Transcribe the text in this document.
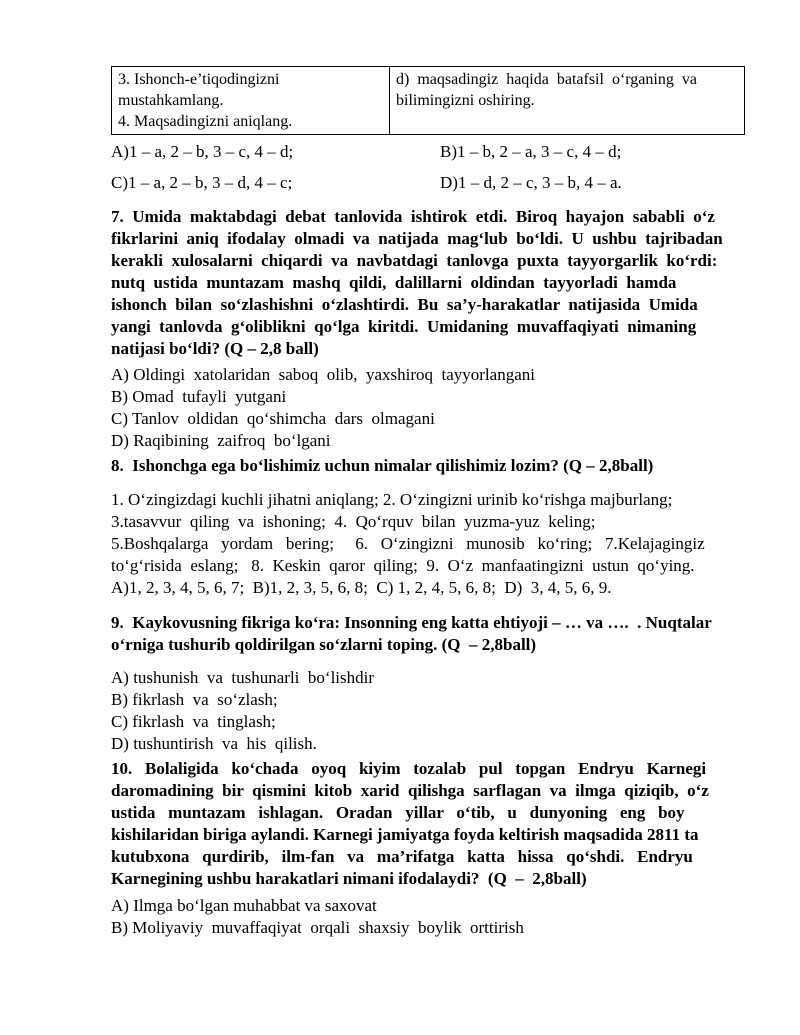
3. Ishonch-e’tiqodingizni
mustahkamlang.
4. Maqsadingizni aniqlang.

d)  maqsadingiz  haqida  batafsil  o‘rganing  va
bilimingizni oshiring.
A)1 – a, 2 – b, 3 – c, 4 – d;	B)1 – b, 2 – a, 3 – c, 4 – d;
C)1 – a, 2 – b, 3 – d, 4 – c;	D)1 – d, 2 – c, 3 – b, 4 – a.
7.  Umida  maktabdagi  debat  tanlovida  ishtirok  etdi.  Biroq  hayajon  sababli  o‘z
fikrlarini  aniq  ifodalay  olmadi  va  natijada  mag‘lub  bo‘ldi.  U  ushbu  tajribadan
kerakli  xulosalarni  chiqardi  va  navbatdagi  tanlovga  puxta  tayyorgarlik  ko‘rdi:
nutq  ustida  muntazam  mashq  qildi,  dalillarni  oldindan  tayyorladi  hamda
ishonch  bilan  so‘zlashishni  o‘zlashtirdi.  Bu  sa’y-harakatlar  natijasida  Umida
yangi  tanlovda  g‘oliblikni  qo‘lga  kiritdi.  Umidaning  muvaffaqiyati  nimaning
natijasi bo‘ldi? (Q – 2,8 ball)

A) Oldingi  xatolaridan  saboq  olib,  yaxshiroq  tayyorlangani

B) Omad  tufayli  yutgani

C) Tanlov  oldidan  qo‘shimcha  dars  olmagani

D) Raqibining  zaifroq  bo‘lgani

8.  Ishonchga ega bo‘lishimiz uchun nimalar qilishimiz lozim? (Q – 2,8ball)

1. O‘zingizdagi kuchli jihatni aniqlang; 2. O‘zingizni urinib ko‘rishga majburlang;

3.tasavvur  qiling  va  ishoning;  4.  Qo‘rquv  bilan  yuzma-yuz  keling;

5.Boshqalarga   yordam   bering;     6.   O‘zingizni   munosib   ko‘ring;   7.Kelajagingiz

to‘g‘risida  eslang;   8.  Keskin  qaror  qiling;  9.  O‘z  manfaatingizni  ustun  qo‘ying.

A)1, 2, 3, 4, 5, 6, 7;  B)1, 2, 3, 5, 6, 8;  C) 1, 2, 4, 5, 6, 8;  D)  3, 4, 5, 6, 9.

9.  Kaykovusning fikriga ko‘ra: Insonning eng katta ehtiyoji – … va ….  . Nuqtalar
o‘rniga tushurib qoldirilgan so‘zlarni toping. (Q  – 2,8ball)

A) tushunish  va  tushunarli  bo‘lishdir

B) fikrlash  va  so‘zlash;

C) fikrlash  va  tinglash;

D) tushuntirish  va  his  qilish.

10.   Bolaligida   ko‘chada   oyoq   kiyim   tozalab   pul   topgan   Endryu   Karnegi
daromadining  bir  qismini  kitob  xarid  qilishga  sarflagan  va  ilmga  qiziqib,  o‘z
ustida   muntazam   ishlagan.   Oradan   yillar   o‘tib,   u   dunyoning   eng   boy
kishilaridan biriga aylandi. Karnegi jamiyatga foyda keltirish maqsadida 2811 ta
kutubxona   qurdirib,   ilm-fan   va   ma’rifatga   katta   hissa   qo‘shdi.   Endryu
Karnegining ushbu harakatlari nimani ifodalaydi?  (Q  –  2,8ball)

A) Ilmga bo‘lgan muhabbat va saxovat

B) Moliyaviy  muvaffaqiyat  orqali  shaxsiy  boylik  orttirish
